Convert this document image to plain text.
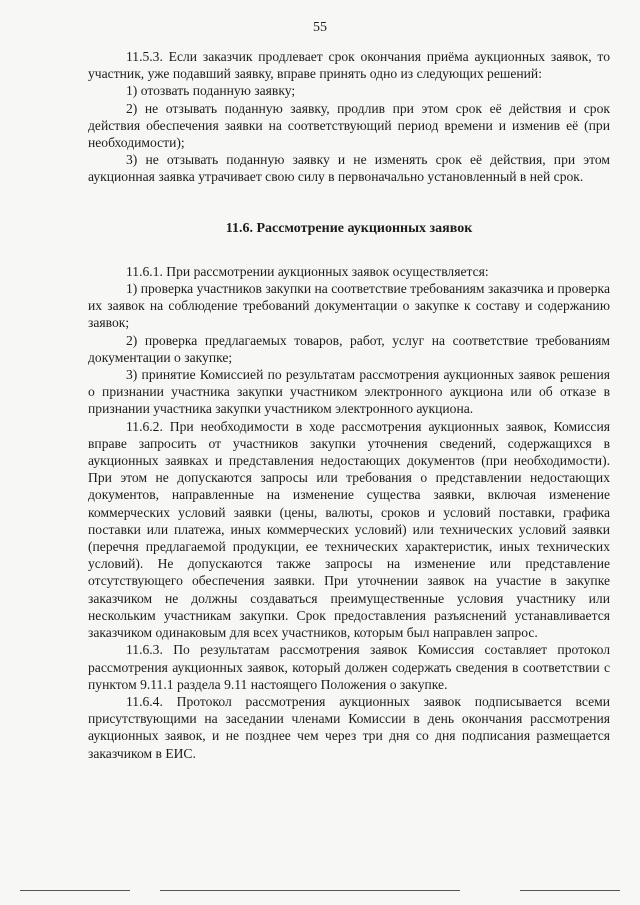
55

11.5.3. Если заказчик продлевает срок окончания приёма аукционных заявок, то участник, уже подавший заявку, вправе принять одно из следующих решений:

1) отозвать поданную заявку;

2) не отзывать поданную заявку, продлив при этом срок её действия и срок действия обеспечения заявки на соответствующий период времени и изменив её (при необходимости);

3) не отзывать поданную заявку и не изменять срок её действия, при этом аукционная заявка утрачивает свою силу в первоначально установленный в ней срок.

11.6. Рассмотрение аукционных заявок

11.6.1. При рассмотрении аукционных заявок осуществляется:

1) проверка участников закупки на соответствие требованиям заказчика и проверка их заявок на соблюдение требований документации о закупке к составу и содержанию заявок;

2) проверка предлагаемых товаров, работ, услуг на соответствие требованиям документации о закупке;

3) принятие Комиссией по результатам рассмотрения аукционных заявок решения о признании участника закупки участником электронного аукциона или об отказе в признании участника закупки участником электронного аукциона.

11.6.2. При необходимости в ходе рассмотрения аукционных заявок, Комиссия вправе запросить от участников закупки уточнения сведений, содержащихся в аукционных заявках и представления недостающих документов (при необходимости). При этом не допускаются запросы или требования о представлении недостающих документов, направленные на изменение существа заявки, включая изменение коммерческих условий заявки (цены, валюты, сроков и условий поставки, графика поставки или платежа, иных коммерческих условий) или технических условий заявки (перечня предлагаемой продукции, ее технических характеристик, иных технических условий). Не допускаются также запросы на изменение или представление отсутствующего обеспечения заявки. При уточнении заявок на участие в закупке заказчиком не должны создаваться преимущественные условия участнику или нескольким участникам закупки. Срок предоставления разъяснений устанавливается заказчиком одинаковым для всех участников, которым был направлен запрос.

11.6.3. По результатам рассмотрения заявок Комиссия составляет протокол рассмотрения аукционных заявок, который должен содержать сведения в соответствии с пунктом 9.11.1 раздела 9.11 настоящего Положения о закупке.

11.6.4. Протокол рассмотрения аукционных заявок подписывается всеми присутствующими на заседании членами Комиссии в день окончания рассмотрения аукционных заявок, и не позднее чем через три дня со дня подписания размещается заказчиком в ЕИС.
